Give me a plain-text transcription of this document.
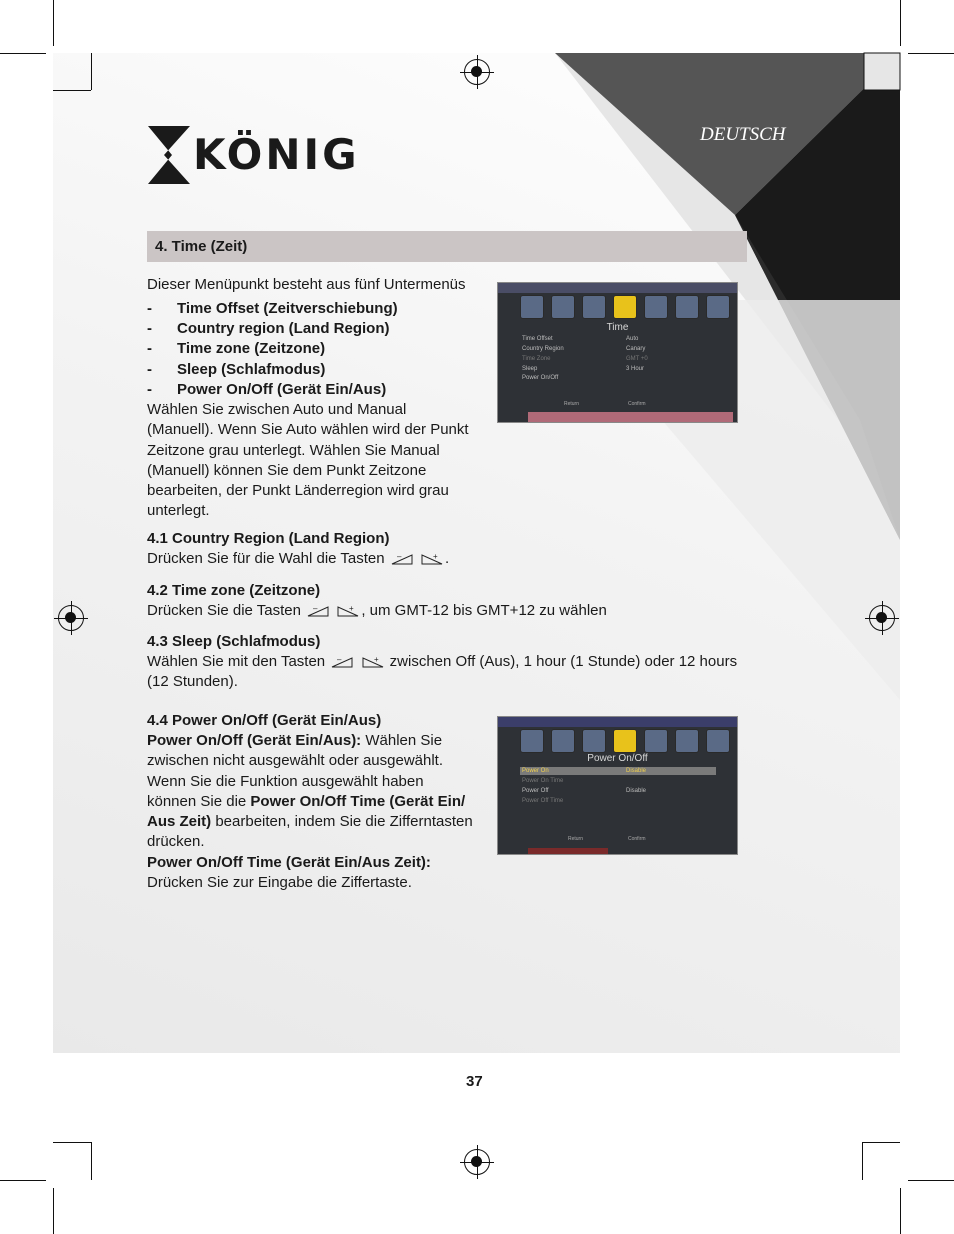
KÖNIG	DEUTSCH
4. Time (Zeit)
Dieser Menüpunkt besteht aus fünf Untermenüs
- Time Offset (Zeitverschiebung)
- Country region (Land Region)
- Time zone (Zeitzone)
- Sleep (Schlafmodus)
- Power On/Off (Gerät Ein/Aus)
Wählen Sie zwischen Auto und Manual
(Manuell). Wenn Sie Auto wählen wird der Punkt
Zeitzone grau unterlegt. Wählen Sie Manual
(Manuell) können Sie dem Punkt Zeitzone
bearbeiten, der Punkt Länderregion wird grau
unterlegt.
Time
Time Offset	Auto
Country Region	Canary
Time Zone	GMT +0
Sleep	3 Hour
Power On/Off
Return	Confirm
4.1 Country Region (Land Region)
Drücken Sie für die Wahl die Tasten –
	+ .
4.2 Time zone (Zeitzone)
Drücken Sie die Tasten –
	+ , um GMT-12 bis GMT+12 zu wählen
4.3 Sleep (Schlafmodus)
Wählen Sie mit den Tasten –
	+ zwischen Off (Aus), 1 hour (1 Stunde) oder 12 hours
(12 Stunden).
4.4 Power On/Off (Gerät Ein/Aus)
Power On/Off (Gerät Ein/Aus): Wählen Sie
zwischen nicht ausgewählt oder ausgewählt.
Wenn Sie die Funktion ausgewählt haben
können Sie die Power On/Off Time (Gerät Ein/
Aus Zeit) bearbeiten, indem Sie die Zifferntasten
drücken.
Power On/Off Time (Gerät Ein/Aus Zeit):
Drücken Sie zur Eingabe die Ziffertaste.
Power On/Off
Power On	Disable
Power On Time
Power Off	Disable
Power Off Time
Return	Confirm
37
